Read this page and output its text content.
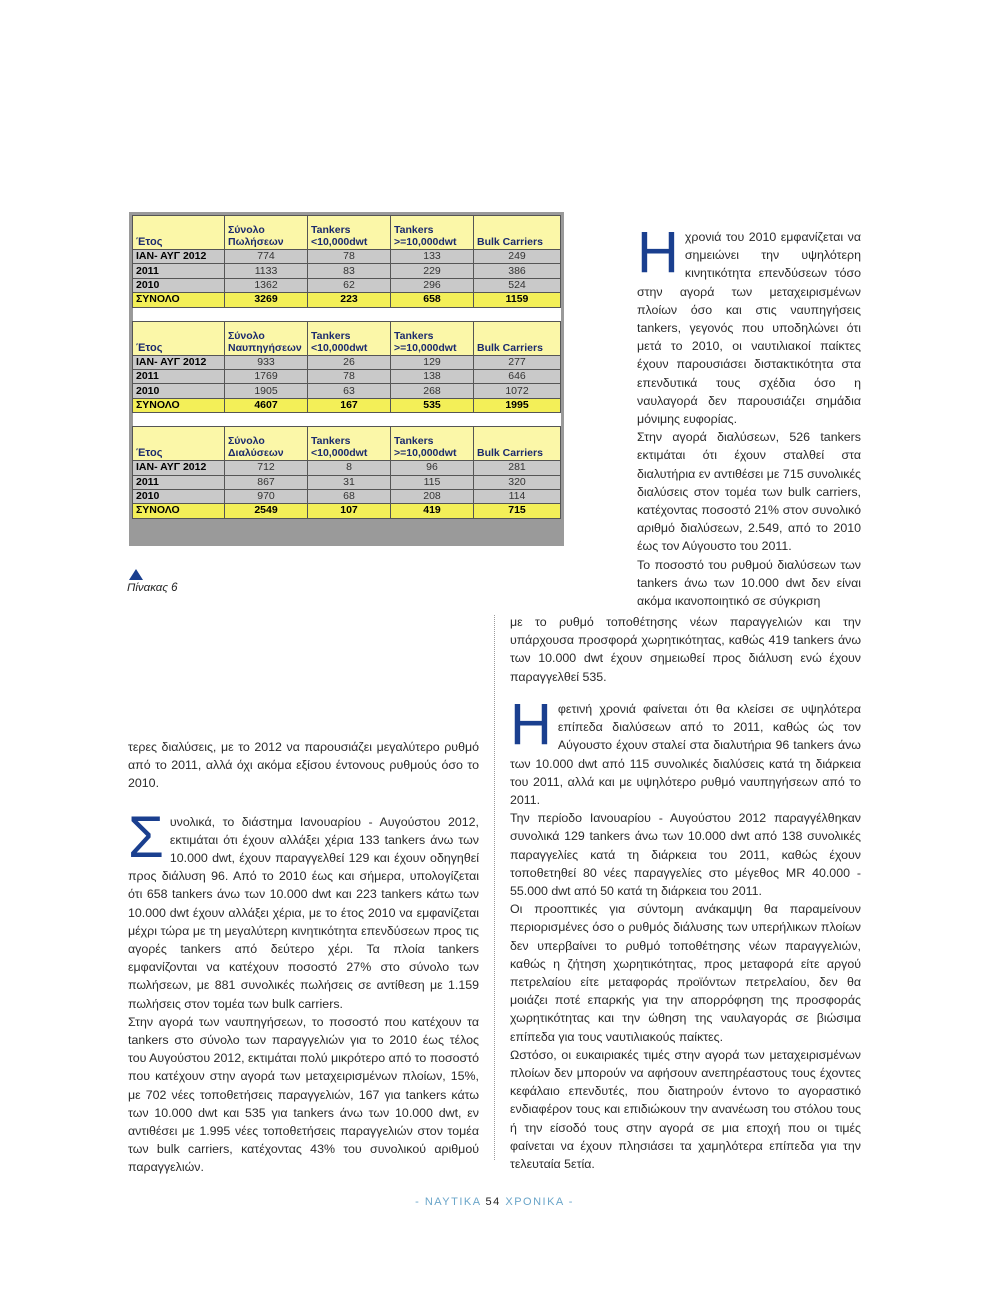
Έτος	Σύνολο Πωλήσεων	Tankers <10,000dwt	Tankers >=10,000dwt	Bulk Carriers
ΙΑΝ- ΑΥΓ 2012	774	78	133	249
2011	1133	83	229	386
2010	1362	62	296	524
ΣΥΝΟΛΟ	3269	223	658	1159

Έτος	Σύνολο Ναυπηγήσεων	Tankers <10,000dwt	Tankers >=10,000dwt	Bulk Carriers
ΙΑΝ- ΑΥΓ 2012	933	26	129	277
2011	1769	78	138	646
2010	1905	63	268	1072
ΣΥΝΟΛΟ	4607	167	535	1995

Έτος	Σύνολο Διαλύσεων	Tankers <10,000dwt	Tankers >=10,000dwt	Bulk Carriers
ΙΑΝ- ΑΥΓ 2012	712	8	96	281
2011	867	31	115	320
2010	970	68	208	114
ΣΥΝΟΛΟ	2549	107	419	715
Πίνακας 6

Ηχρονιά του 2010 εμφανίζεται να σημειώνει την υψηλότερη κινητικότητα επενδύσεων τόσο στην αγορά των μεταχειρισμένων πλοίων όσο και στις ναυπηγήσεις tankers, γεγονός που υποδηλώνει ότι μετά το 2010, οι ναυτιλιακοί παίκτες έχουν παρουσιάσει διστακτικότητα στα επενδυτικά τους σχέδια όσο η ναυλαγορά δεν παρουσιάζει σημάδια μόνιμης ευφορίας.

Στην αγορά διαλύσεων, 526 tankers εκτιμάται ότι έχουν σταλθεί στα διαλυτήρια εν αντιθέσει με 715 συνολικές διαλύσεις στον τομέα των bulk carriers, κατέχοντας ποσοστό 21% στον συνολικό αριθμό διαλύσεων, 2.549, από το 2010 έως τον Αύγουστο του 2011.

Το ποσοστό του ρυθμού διαλύσεων των tankers άνω των 10.000 dwt δεν είναι ακόμα ικανοποιητικό σε σύγκριση

με το ρυθμό τοποθέτησης νέων παραγγελιών και την υπάρχουσα προσφορά χωρητικότητας, καθώς 419 tankers άνω των 10.000 dwt έχουν σημειωθεί προς διάλυση ενώ έχουν παραγγελθεί 535.

Ηφετινή χρονιά φαίνεται ότι θα κλείσει σε υψηλότερα επίπεδα διαλύσεων από το 2011, καθώς ώς τον Αύγουστο έχουν σταλεί στα διαλυτήρια 96 tankers άνω των 10.000 dwt από 115 συνολικές διαλύσεις κατά τη διάρκεια του 2011, αλλά και με υψηλότερο ρυθμό ναυπηγήσεων από το 2011.

Την περίοδο Ιανουαρίου - Αυγούστου 2012 παραγγέλθηκαν συνολικά 129 tankers άνω των 10.000 dwt από 138 συνολικές παραγγελίες κατά τη διάρκεια του 2011, καθώς έχουν τοποθετηθεί 80 νέες παραγγελίες στο μέγεθος MR 40.000 - 55.000 dwt από 50 κατά τη διάρκεια του 2011.

Οι προοπτικές για σύντομη ανάκαμψη θα παραμείνουν περιορισμένες όσο ο ρυθμός διάλυσης των υπερήλικων πλοίων δεν υπερβαίνει το ρυθμό τοποθέτησης νέων παραγγελιών, καθώς η ζήτηση χωρητικότητας, προς μεταφορά είτε αργού πετρελαίου είτε μεταφοράς προϊόντων πετρελαίου, δεν θα μοιάζει ποτέ επαρκής για την απορρόφηση της προσφοράς χωρητικότητας και την ώθηση της ναυλαγοράς σε βιώσιμα επίπεδα για τους ναυτιλιακούς παίκτες.

Ωστόσο, οι ευκαιριακές τιμές στην αγορά των μεταχειρισμένων πλοίων δεν μπορούν να αφήσουν ανεπηρέαστους τους έχοντες κεφάλαιο επενδυτές, που διατηρούν έντονο το αγοραστικό ενδιαφέρον τους και επιδιώκουν την ανανέωση του στόλου τους ή την είσοδό τους στην αγορά σε μια εποχή που οι τιμές φαίνεται να έχουν πλησιάσει τα χαμηλότερα επίπεδα για την τελευταία 5ετία.

τερες διαλύσεις, με το 2012 να παρουσιάζει μεγαλύτερο ρυθμό από το 2011, αλλά όχι ακόμα εξίσου έντονους ρυθμούς όσο το 2010.

Συνολικά, το διάστημα Ιανουαρίου - Αυγούστου 2012, εκτιμάται ότι έχουν αλλάξει χέρια 133 tankers άνω των 10.000 dwt, έχουν παραγγελθεί 129 και έχουν οδηγηθεί προς διάλυση 96. Από το 2010 έως και σήμερα, υπολογίζεται ότι 658 tankers άνω των 10.000 dwt και 223 tankers κάτω των 10.000 dwt έχουν αλλάξει χέρια, με το έτος 2010 να εμφανίζεται μέχρι τώρα με τη μεγαλύτερη κινητικότητα επενδύσεων προς τις αγορές tankers από δεύτερο χέρι. Τα πλοία tankers εμφανίζονται να κατέχουν ποσοστό 27% στο σύνολο των πωλήσεων, με 881 συνολικές πωλήσεις σε αντίθεση με 1.159 πωλήσεις στον τομέα των bulk carriers.

Στην αγορά των ναυπηγήσεων, το ποσοστό που κατέχουν τα tankers στο σύνολο των παραγγελιών για το 2010 έως τέλος του Αυγούστου 2012, εκτιμάται πολύ μικρότερο από το ποσοστό που κατέχουν στην αγορά των μεταχειρισμένων πλοίων, 15%, με 702 νέες τοποθετήσεις παραγγελιών, 167 για tankers κάτω των 10.000 dwt και 535 για tankers άνω των 10.000 dwt, εν αντιθέσει με 1.995 νέες τοποθετήσεις παραγγελιών στον τομέα των bulk carriers, κατέχοντας 43% του συνολικού αριθμού παραγγελιών.

- ΝΑΥΤΙΚΑ 54 ΧΡΟΝΙΚΑ -
